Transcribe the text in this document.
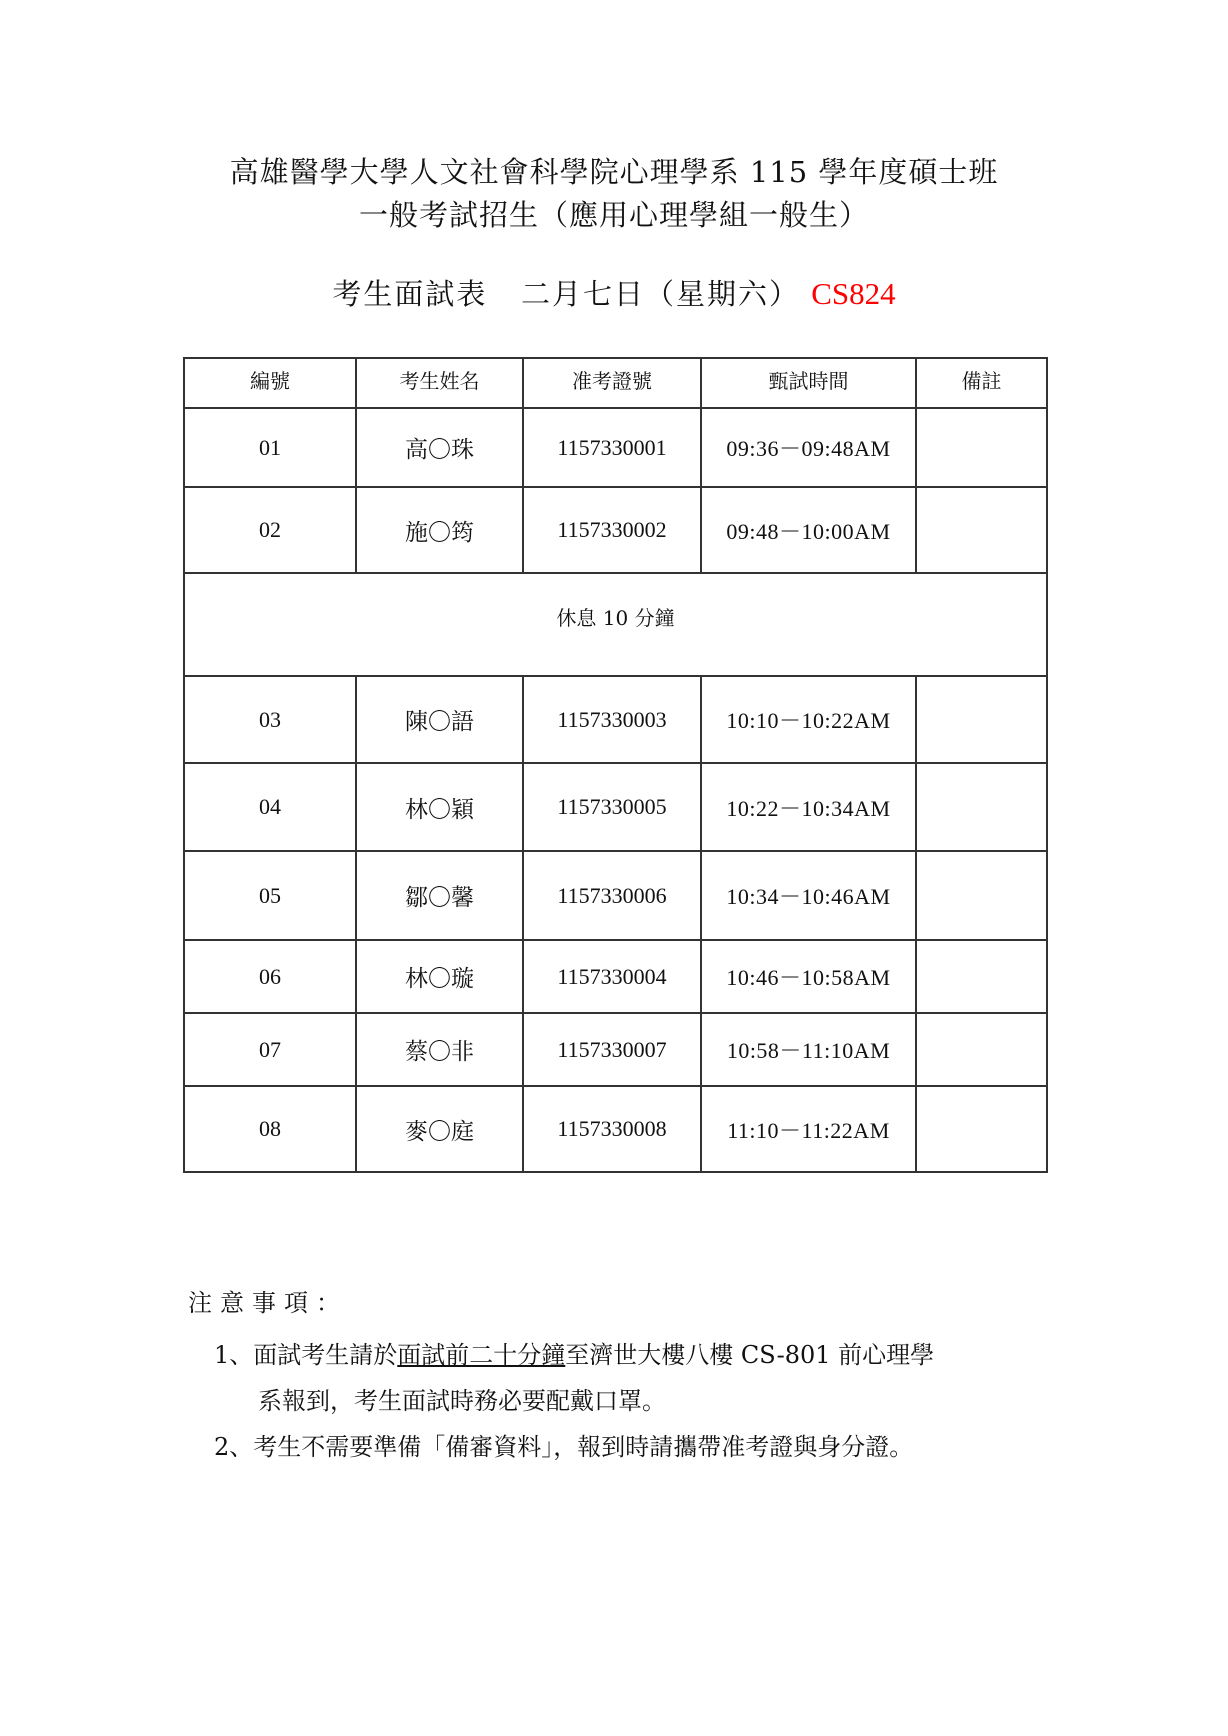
高雄醫學大學人文社會科學院心理學系 115 學年度碩士班
一般考試招生（應用心理學組一般生）
考生面試表 二月七日（星期六） CS824
編號	考生姓名	准考證號	甄試時間	備註
01	高〇珠	1157330001	09:36－09:48AM	
02	施〇筠	1157330002	09:48－10:00AM	
休息 10 分鐘				
03	陳〇語	1157330003	10:10－10:22AM	
04	林〇穎	1157330005	10:22－10:34AM	
05	鄒〇馨	1157330006	10:34－10:46AM	
06	林〇璇	1157330004	10:46－10:58AM	
07	蔡〇非	1157330007	10:58－11:10AM	
08	麥〇庭	1157330008	11:10－11:22AM	
注意事項：
1、面試考生請於面試前二十分鐘至濟世大樓八樓 CS-801 前心理學
系報到，考生面試時務必要配戴口罩。
2、考生不需要準備「備審資料」，報到時請攜帶准考證與身分證。
